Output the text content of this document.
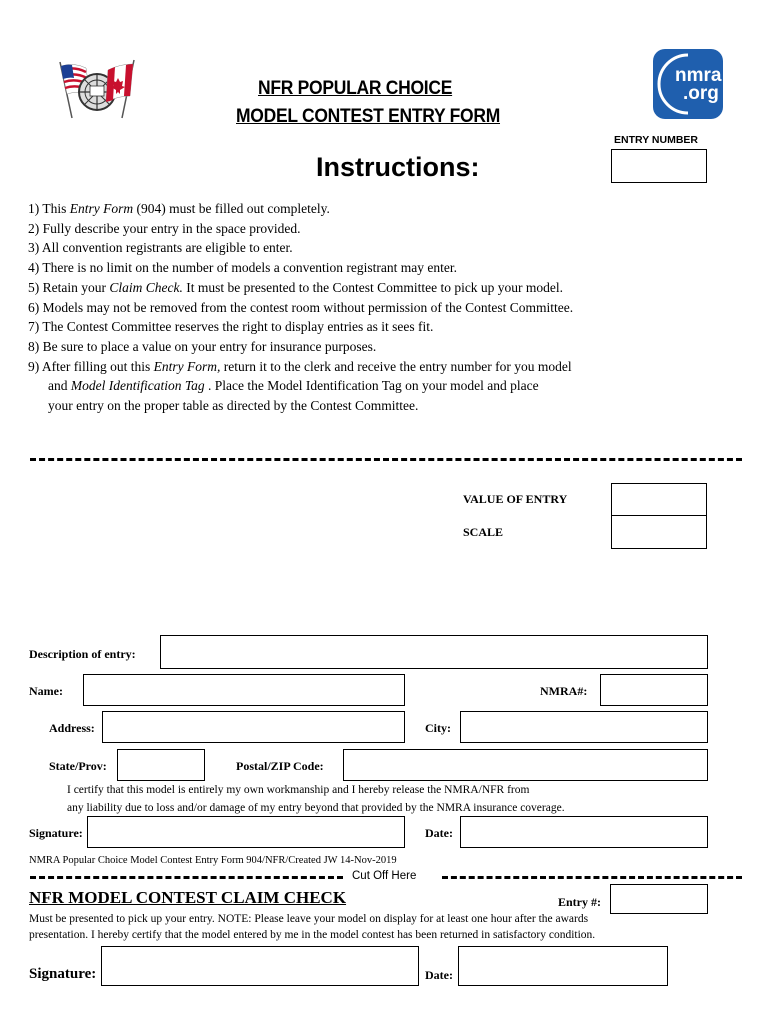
NFR POPULAR CHOICE
MODEL CONTEST ENTRY FORM
nmra
.org
ENTRY NUMBER
Instructions:
1) This Entry Form (904) must be filled out completely.
2) Fully describe your entry in the space provided.
3) All convention registrants are eligible to enter.
4) There is no limit on the number of models a convention registrant may enter.
5) Retain your Claim Check. It must be presented to the Contest Committee to pick up your model.
6) Models may not be removed from the contest room without permission of the Contest Committee.
7) The Contest Committee reserves the right to display entries as it sees fit.
8) Be sure to place a value on your entry for insurance purposes.
9) After filling out this Entry Form, return it to the clerk and receive the entry number for you model
and Model Identification Tag . Place the Model Identification Tag on your model and place
your entry on the proper table as directed by the Contest Committee.
VALUE OF ENTRY
SCALE
Description of entry:
Name:	NMRA#:
Address:	City:
State/Prov:	Postal/ZIP Code:
I certify that this model is entirely my own workmanship and I hereby release the NMRA/NFR from
any liability due to loss and/or damage of my entry beyond that provided by the NMRA insurance coverage.
Signature:	Date:
NMRA Popular Choice Model Contest Entry Form 904/NFR/Created JW 14-Nov-2019
Cut Off Here
NFR MODEL CONTEST CLAIM CHECK	Entry #:
Must be presented to pick up your entry. NOTE: Please leave your model on display for at least one hour after the awards
presentation. I hereby certify that the model entered by me in the model contest has been returned in satisfactory condition.
Signature:	Date:
